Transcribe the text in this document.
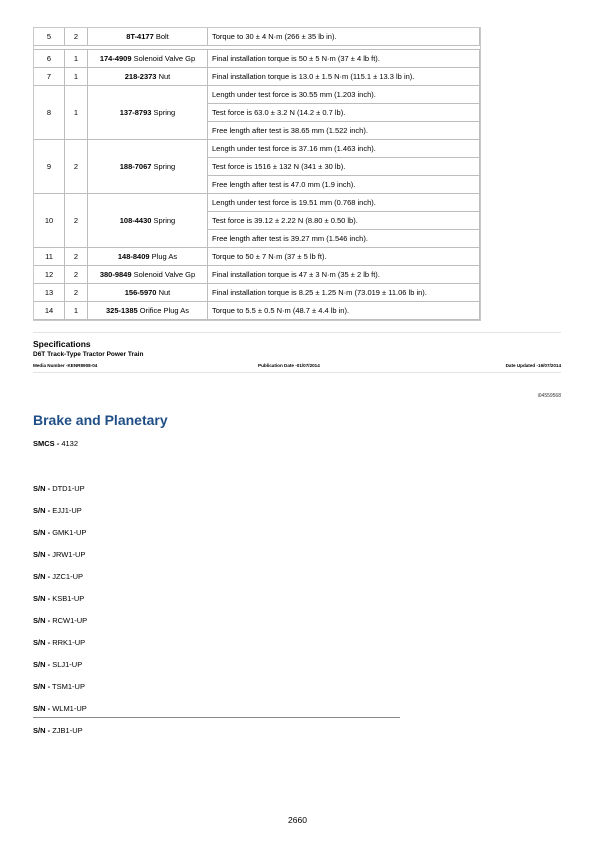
5	2	8T-4177 Bolt	Torque to 30 ± 4 N·m (266 ± 35 lb in).

6	1	174-4909 Solenoid Valve Gp	Final installation torque is 50 ± 5 N·m (37 ± 4 lb ft).
7	1	218-2373 Nut	Final installation torque is 13.0 ± 1.5 N·m (115.1 ± 13.3 lb in).
8	1	137-8793 Spring	Length under test force is 30.55 mm (1.203 inch).
			Test force is 63.0 ± 3.2 N (14.2 ± 0.7 lb).
			Free length after test is 38.65 mm (1.522 inch).
9	2	188-7067 Spring	Length under test force is 37.16 mm (1.463 inch).
			Test force is 1516 ± 132 N (341 ± 30 lb).
			Free length after test is 47.0 mm (1.9 inch).
10	2	108-4430 Spring	Length under test force is 19.51 mm (0.768 inch).
			Test force is 39.12 ± 2.22 N (8.80 ± 0.50 lb).
			Free length after test is 39.27 mm (1.546 inch).
11	2	148-8409 Plug As	Torque to 50 ± 7 N·m (37 ± 5 lb ft).
12	2	380-9849 Solenoid Valve Gp	Final installation torque is 47 ± 3 N·m (35 ± 2 lb ft).
13	2	156-5970 Nut	Final installation torque is 8.25 ± 1.25 N·m (73.019 ± 11.06 lb in).
14	1	325-1385 Orifice Plug As	Torque to 5.5 ± 0.5 N·m (48.7 ± 4.4 lb in).
Specifications
D6T Track-Type Tractor Power Train
Media Number -KENR8908-04	Publication Date -01/07/2014	Date Updated -16/07/2014
i04559568
Brake and Planetary
SMCS - 4132
S/N - DTD1-UP
S/N - EJJ1-UP
S/N - GMK1-UP
S/N - JRW1-UP
S/N - JZC1-UP
S/N - KSB1-UP
S/N - RCW1-UP
S/N - RRK1-UP
S/N - SLJ1-UP
S/N - TSM1-UP
S/N - WLM1-UP
S/N - ZJB1-UP
2660
